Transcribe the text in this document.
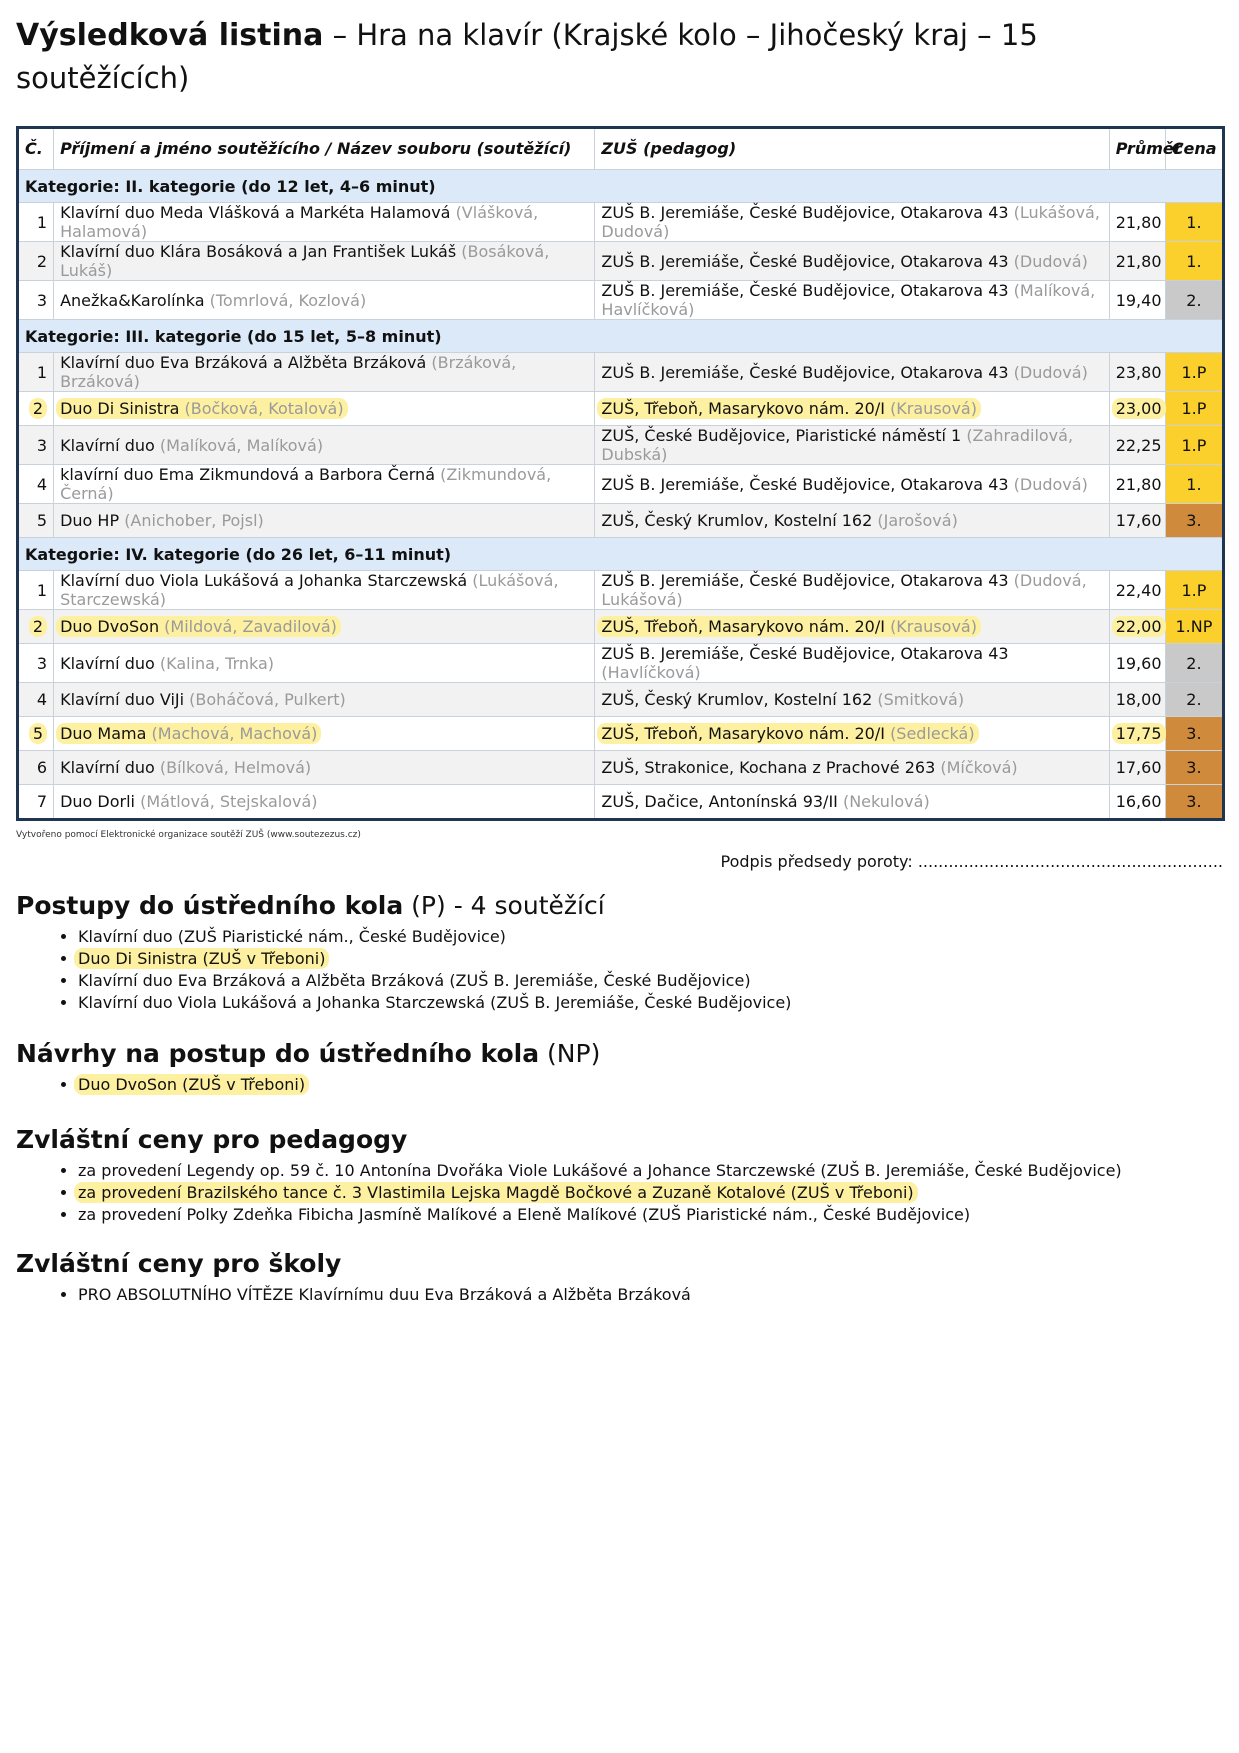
Výsledková listina – Hra na klavír (Krajské kolo – Jihočeský kraj – 15 soutěžících)
Č.	Příjmení a jméno soutěžícího / Název souboru (soutěžící)	ZUŠ (pedagog)	Průměr	Cena
Kategorie: II. kategorie (do 12 let, 4–6 minut)				
1	Klavírní duo Meda Vlášková a Markéta Halamová (Vlášková, Halamová)	ZUŠ B. Jeremiáše, České Budějovice, Otakarova 43 (Lukášová, Dudová)	21,80	1.
2	Klavírní duo Klára Bosáková a Jan František Lukáš (Bosáková, Lukáš)	ZUŠ B. Jeremiáše, České Budějovice, Otakarova 43 (Dudová)	21,80	1.
3	Anežka&Karolínka (Tomrlová, Kozlová)	ZUŠ B. Jeremiáše, České Budějovice, Otakarova 43 (Malíková, Havlíčková)	19,40	2.
Kategorie: III. kategorie (do 15 let, 5–8 minut)				
1	Klavírní duo Eva Brzáková a Alžběta Brzáková (Brzáková, Brzáková)	ZUŠ B. Jeremiáše, České Budějovice, Otakarova 43 (Dudová)	23,80	1.P
2	Duo Di Sinistra (Bočková, Kotalová)	ZUŠ, Třeboň, Masarykovo nám. 20/I (Krausová)	23,00	1.P
3	Klavírní duo (Malíková, Malíková)	ZUŠ, České Budějovice, Piaristické náměstí 1 (Zahradilová, Dubská)	22,25	1.P
4	klavírní duo Ema Zikmundová a Barbora Černá (Zikmundová, Černá)	ZUŠ B. Jeremiáše, České Budějovice, Otakarova 43 (Dudová)	21,80	1.
5	Duo HP (Anichober, Pojsl)	ZUŠ, Český Krumlov, Kostelní 162 (Jarošová)	17,60	3.
Kategorie: IV. kategorie (do 26 let, 6–11 minut)				
1	Klavírní duo Viola Lukášová a Johanka Starczewská (Lukášová, Starczewská)	ZUŠ B. Jeremiáše, České Budějovice, Otakarova 43 (Dudová, Lukášová)	22,40	1.P
2	Duo DvoSon (Mildová, Zavadilová)	ZUŠ, Třeboň, Masarykovo nám. 20/I (Krausová)	22,00	1.NP
3	Klavírní duo (Kalina, Trnka)	ZUŠ B. Jeremiáše, České Budějovice, Otakarova 43 (Havlíčková)	19,60	2.
4	Klavírní duo ViJi (Boháčová, Pulkert)	ZUŠ, Český Krumlov, Kostelní 162 (Smitková)	18,00	2.
5	Duo Mama (Machová, Machová)	ZUŠ, Třeboň, Masarykovo nám. 20/I (Sedlecká)	17,75	3.
6	Klavírní duo (Bílková, Helmová)	ZUŠ, Strakonice, Kochana z Prachové 263 (Míčková)	17,60	3.
7	Duo Dorli (Mátlová, Stejskalová)	ZUŠ, Dačice, Antonínská 93/II (Nekulová)	16,60	3.
Vytvořeno pomocí Elektronické organizace soutěží ZUŠ (www.soutezezus.cz)
Podpis předsedy poroty: ............................................................
Postupy do ústředního kola (P) - 4 soutěžící
• Klavírní duo (ZUŠ Piaristické nám., České Budějovice)
• Duo Di Sinistra (ZUŠ v Třeboni)
• Klavírní duo Eva Brzáková a Alžběta Brzáková (ZUŠ B. Jeremiáše, České Budějovice)
• Klavírní duo Viola Lukášová a Johanka Starczewská (ZUŠ B. Jeremiáše, České Budějovice)
Návrhy na postup do ústředního kola (NP)
• Duo DvoSon (ZUŠ v Třeboni)
Zvláštní ceny pro pedagogy
• za provedení Legendy op. 59 č. 10 Antonína Dvořáka Viole Lukášové a Johance Starczewské (ZUŠ B. Jeremiáše, České Budějovice)
• za provedení Brazilského tance č. 3 Vlastimila Lejska Magdě Bočkové a Zuzaně Kotalové (ZUŠ v Třeboni)
• za provedení Polky Zdeňka Fibicha Jasmíně Malíkové a Eleně Malíkové (ZUŠ Piaristické nám., České Budějovice)
Zvláštní ceny pro školy
• PRO ABSOLUTNÍHO VÍTĚZE Klavírnímu duu Eva Brzáková a Alžběta Brzáková
